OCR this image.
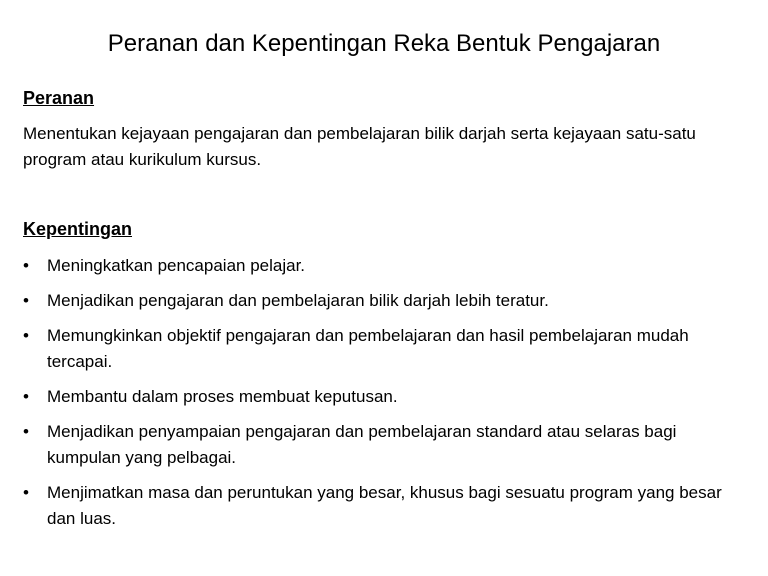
Peranan dan Kepentingan Reka Bentuk Pengajaran
Peranan

Menentukan kejayaan pengajaran dan pembelajaran bilik darjah serta kejayaan satu-satu program atau kurikulum kursus.

Kepentingan
•	Meningkatkan pencapaian pelajar.
•	Menjadikan pengajaran dan pembelajaran bilik darjah lebih teratur.
•	Memungkinkan objektif pengajaran dan pembelajaran dan hasil pembelajaran mudah tercapai.
•	Membantu dalam proses membuat keputusan.
•	Menjadikan penyampaian pengajaran dan pembelajaran standard atau selaras bagi kumpulan yang pelbagai.
•	Menjimatkan masa dan peruntukan yang besar, khusus bagi sesuatu program yang besar dan luas.
